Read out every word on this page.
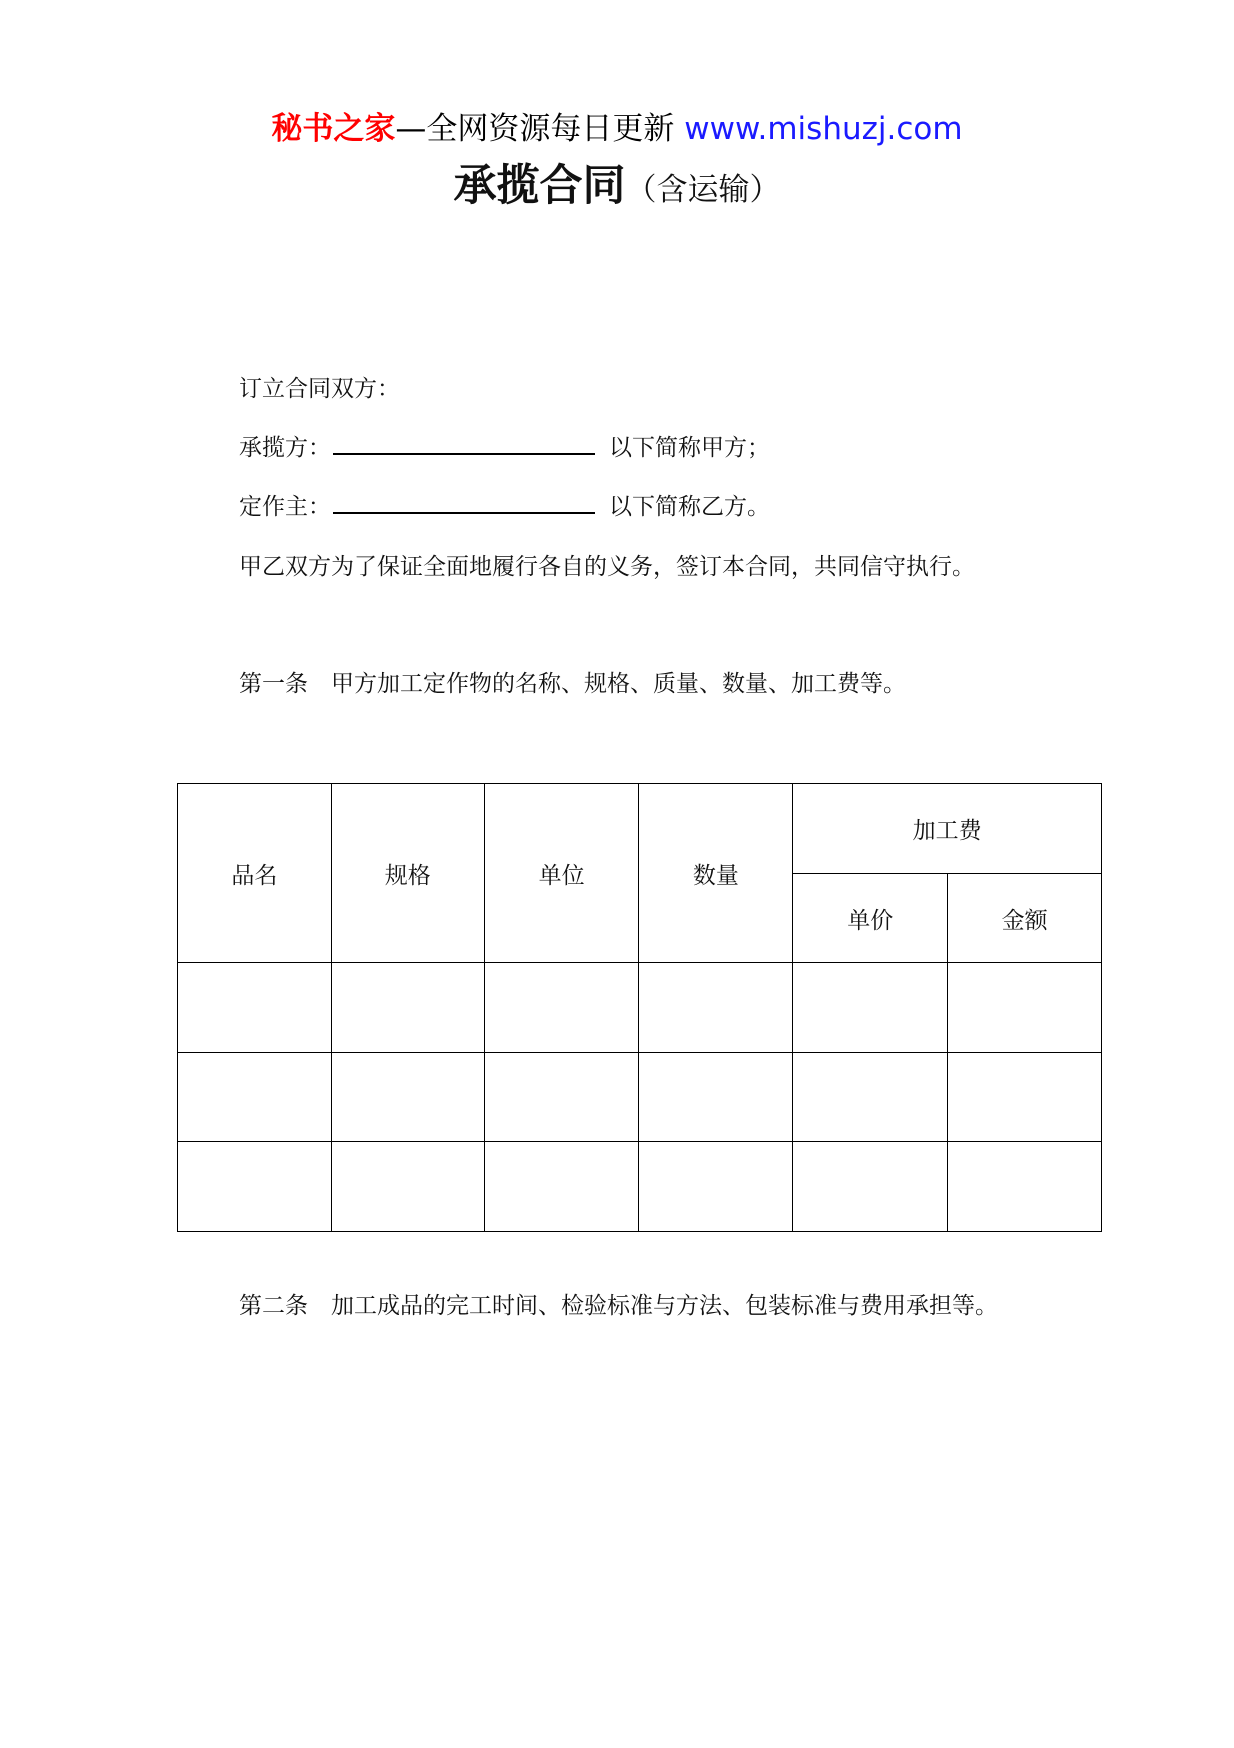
秘书之家—全网资源每日更新 www.mishuzj.com
承揽合同（含运输）
订立合同双方：
承揽方：	以下简称甲方；
定作主：	以下简称乙方。
甲乙双方为了保证全面地履行各自的义务，签订本合同，共同信守执行。
第一条　甲方加工定作物的名称、规格、质量、数量、加工费等。
品名	规格	单位	数量	加工费	
				单价	金额

第二条　加工成品的完工时间、检验标准与方法、包装标准与费用承担等。
